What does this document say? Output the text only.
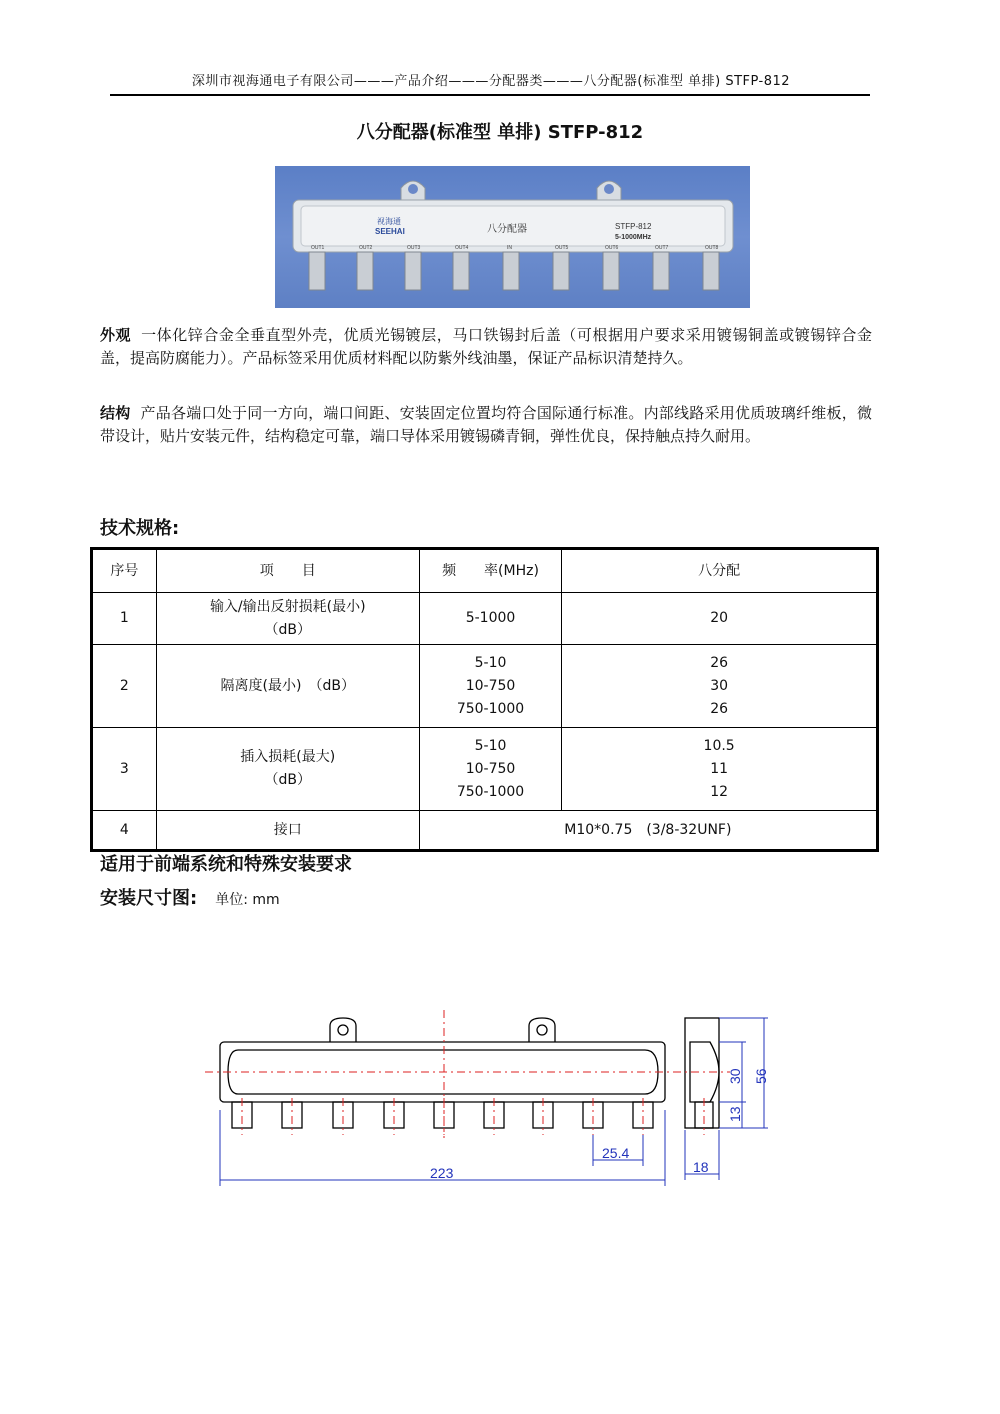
深圳市视海通电子有限公司———产品介绍———分配器类———八分配器(标准型 单排) STFP-812
八分配器(标准型 单排) STFP-812
视海通
SEEHAI	八分配器	STFP-812
5-1000MHz
OUT1	OUT2	OUT3	OUT4	IN	OUT5	OUT6	OUT7	OUT8
外观 一体化锌合金全垂直型外壳，优质光锡镀层，马口铁锡封后盖（可根据用户要求采用镀锡铜盖或镀锡锌合金盖，提高防腐能力）。产品标签采用优质材料配以防紫外线油墨，保证产品标识清楚持久。
结构 产品各端口处于同一方向，端口间距、安装固定位置均符合国际通行标准。内部线路采用优质玻璃纤维板，微带设计，贴片安装元件，结构稳定可靠，端口导体采用镀锡磷青铜，弹性优良，保持触点持久耐用。
技术规格:
序号	项　　目	频　　率(MHz)	八分配
1	输入/输出反射损耗(最小)
（dB）	5-1000	20
2	隔离度(最小)　（dB）	5-10
10-750
750-1000	26
30
26

3	插入损耗(最大)
（dB）	5-10
10-750
750-1000	10.5
11
12

4	接口	M10*0.75　(3/8-32UNF)	
适用于前端系统和特殊安装要求
安装尺寸图: 单位: mm
223
25.4
18
30 56
13
